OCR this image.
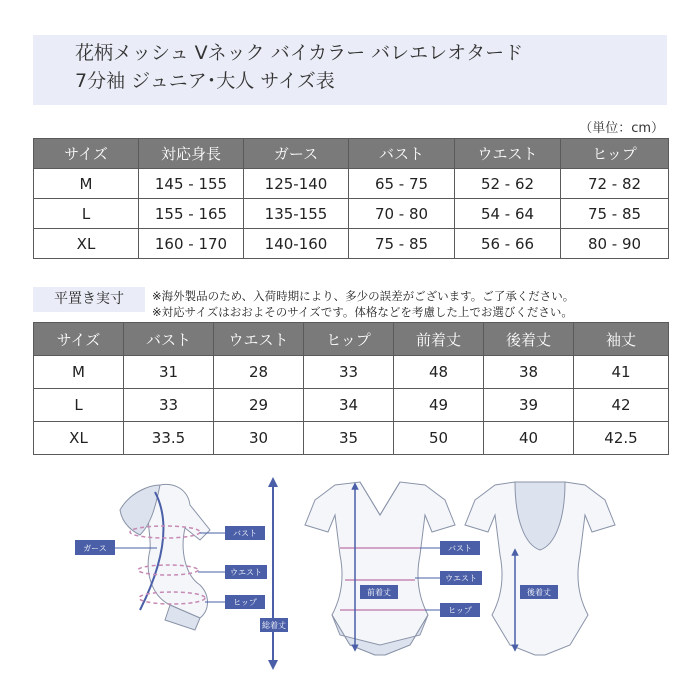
花柄メッシュ Vネック バイカラー バレエレオタード
7分袖 ジュニア･大人 サイズ表
（単位：cm）
サイズ	対応身長	ガース	バスト	ウエスト	ヒップ
M	145 - 155	125-140	65 - 75	52 - 62	72 - 82
L	155 - 165	135-155	70 - 80	54 - 64	75 - 85
XL	160 - 170	140-160	75 - 85	56 - 66	80 - 90
平置き実寸	※海外製品のため、入荷時期により、多少の誤差がございます。ご了承ください。
※対応サイズはおおよそのサイズです。体格などを考慮した上でお選びください。
サイズ	バスト	ウエスト	ヒップ	前着丈	後着丈	袖丈
M	31	28	33	48	38	41
L	33	29	34	49	39	42
XL	33.5	30	35	50	40	42.5
ガース
バスト
ウエスト
ヒップ
総着丈
前着丈
バスト
ウエスト
ヒップ
後着丈
